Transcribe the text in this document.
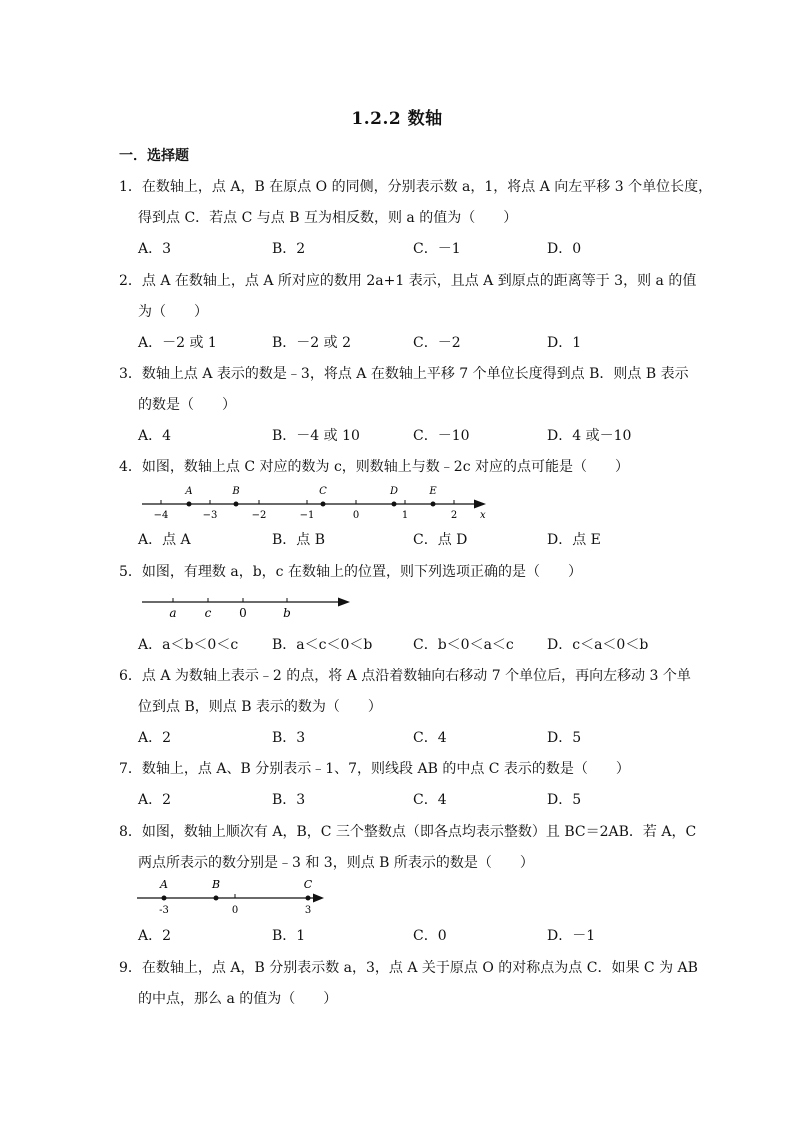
1.2.2 数轴
一．选择题
1．在数轴上，点 A，B 在原点 O 的同侧，分别表示数 a，1，将点 A 向左平移 3 个单位长度，
得到点 C．若点 C 与点 B 互为相反数，则 a 的值为（　　）
A．3	B．2	C．－1	D．0
2．点 A 在数轴上，点 A 所对应的数用 2a+1 表示，且点 A 到原点的距离等于 3，则 a 的值
为（　　）
A．－2 或 1	B．－2 或 2	C．－2	D．1
3．数轴上点 A 表示的数是﹣3，将点 A 在数轴上平移 7 个单位长度得到点 B．则点 B 表示
的数是（　　）
A．4	B．－4 或 10	C．－10	D．4 或－10
4．如图，数轴上点 C 对应的数为 c，则数轴上与数﹣2c 对应的点可能是（　　）
x
−4	−3	−2	−1	0	1	2
A	B	C	D	E
A．点 A	B．点 B	C．点 D	D．点 E
5．如图，有理数 a，b，c 在数轴上的位置，则下列选项正确的是（　　）
a c 0	b
A．a＜b＜0＜c B．a＜c＜0＜b	C．b＜0＜a＜c D．c＜a＜0＜b
6．点 A 为数轴上表示﹣2 的点，将 A 点沿着数轴向右移动 7 个单位后，再向左移动 3 个单
位到点 B，则点 B 表示的数为（　　）
A．2	B．3	C．4	D．5
7．数轴上，点 A、B 分别表示﹣1、7，则线段 AB 的中点 C 表示的数是（　　）
A．2	B．3	C．4	D．5
8．如图，数轴上顺次有 A，B，C 三个整数点（即各点均表示整数）且 BC＝2AB．若 A，C
两点所表示的数分别是﹣3 和 3，则点 B 所表示的数是（　　）
A	B	C
-3	0	3
A．2	B．1	C．0	D．－1
9．在数轴上，点 A，B 分别表示数 a，3，点 A 关于原点 O 的对称点为点 C．如果 C 为 AB
的中点，那么 a 的值为（　　）
